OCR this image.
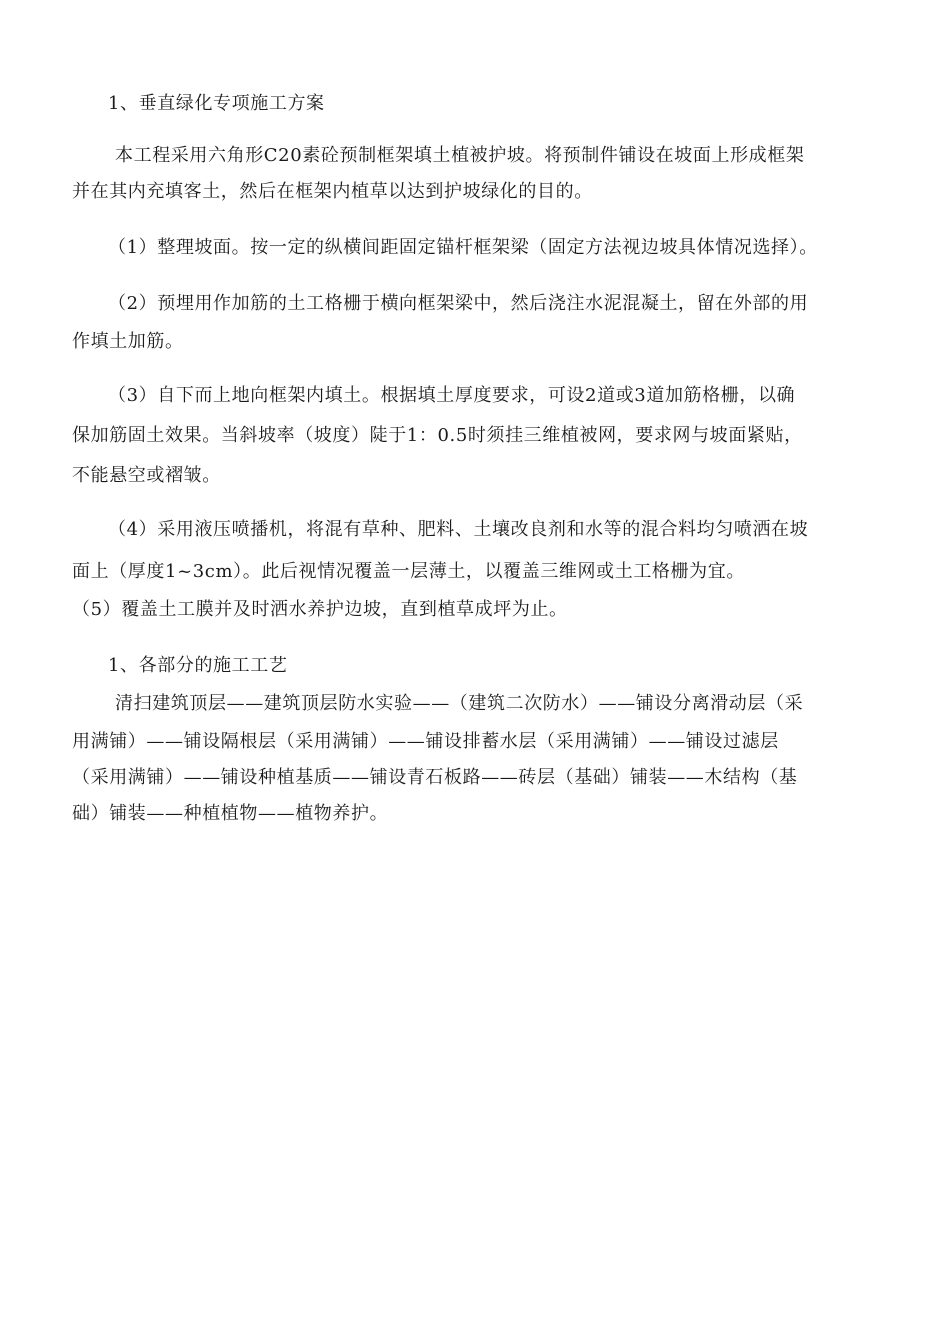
1、垂直绿化专项施工方案
本工程采用六角形C20素砼预制框架填土植被护坡。将预制件铺设在坡面上形成框架
并在其内充填客土，然后在框架内植草以达到护坡绿化的目的。
（1）整理坡面。按一定的纵横间距固定锚杆框架梁（固定方法视边坡具体情况选择）。
（2）预埋用作加筋的土工格栅于横向框架梁中，然后浇注水泥混凝土，留在外部的用
作填土加筋。
（3）自下而上地向框架内填土。根据填土厚度要求，可设2道或3道加筋格栅，以确
保加筋固土效果。当斜坡率（坡度）陡于1：0.5时须挂三维植被网，要求网与坡面紧贴，
不能悬空或褶皱。
（4）采用液压喷播机，将混有草种、肥料、土壤改良剂和水等的混合料均匀喷洒在坡
面上（厚度1~3cm）。此后视情况覆盖一层薄土，以覆盖三维网或土工格栅为宜。
（5）覆盖土工膜并及时洒水养护边坡，直到植草成坪为止。
1、各部分的施工工艺
清扫建筑顶层——建筑顶层防水实验——（建筑二次防水）——铺设分离滑动层（采
用满铺）——铺设隔根层（采用满铺）——铺设排蓄水层（采用满铺）——铺设过滤层
（采用满铺）——铺设种植基质——铺设青石板路——砖层（基础）铺装——木结构（基
础）铺装——种植植物——植物养护。
